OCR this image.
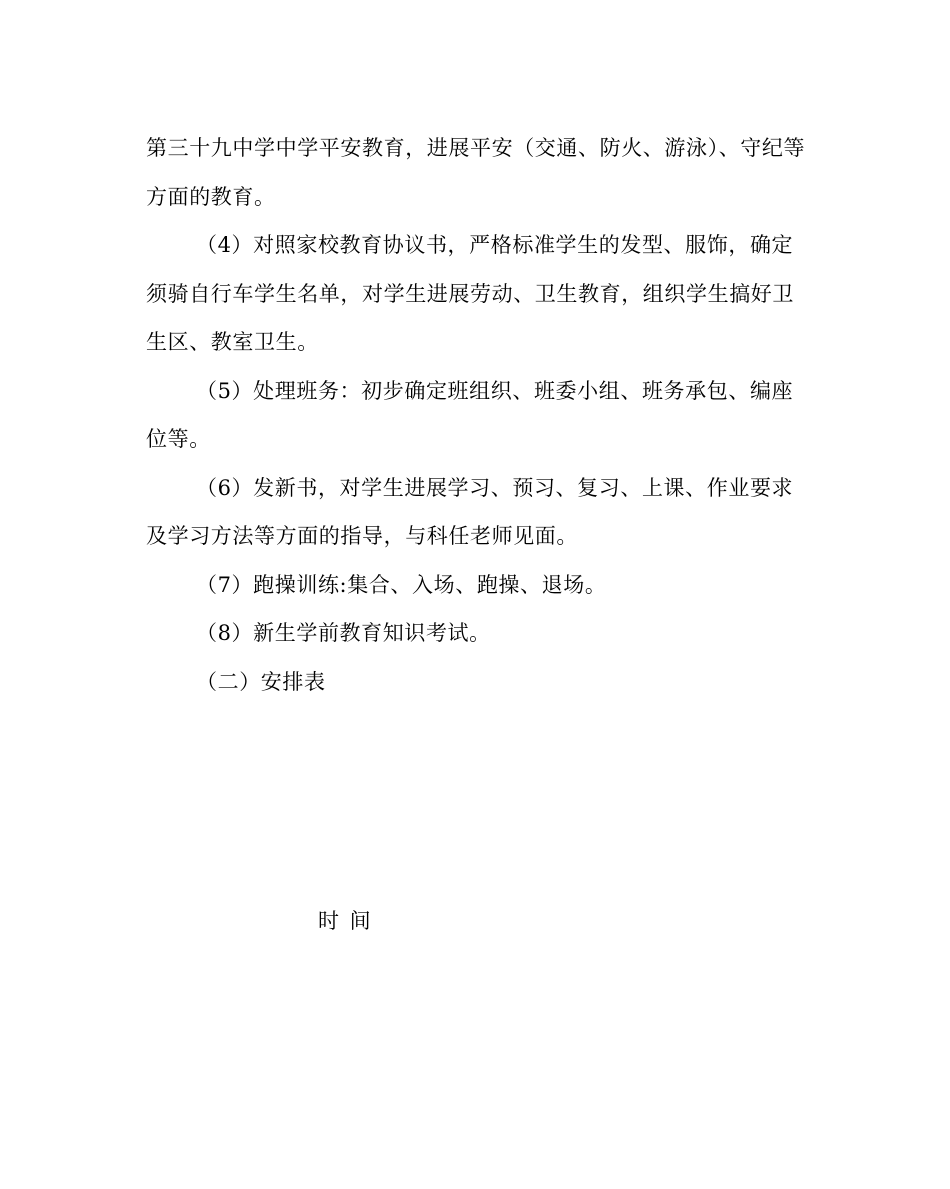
第三十九中学中学平安教育，进展平安（交通、防火、游泳）、守纪等方面的教育。

（4）对照家校教育协议书，严格标准学生的发型、服饰，确定须骑自行车学生名单，对学生进展劳动、卫生教育，组织学生搞好卫生区、教室卫生。

（5）处理班务：初步确定班组织、班委小组、班务承包、编座位等。

（6）发新书，对学生进展学习、预习、复习、上课、作业要求及学习方法等方面的指导，与科任老师见面。

（7）跑操训练:集合、入场、跑操、退场。

（8）新生学前教育知识考试。

（二）安排表

时 间
